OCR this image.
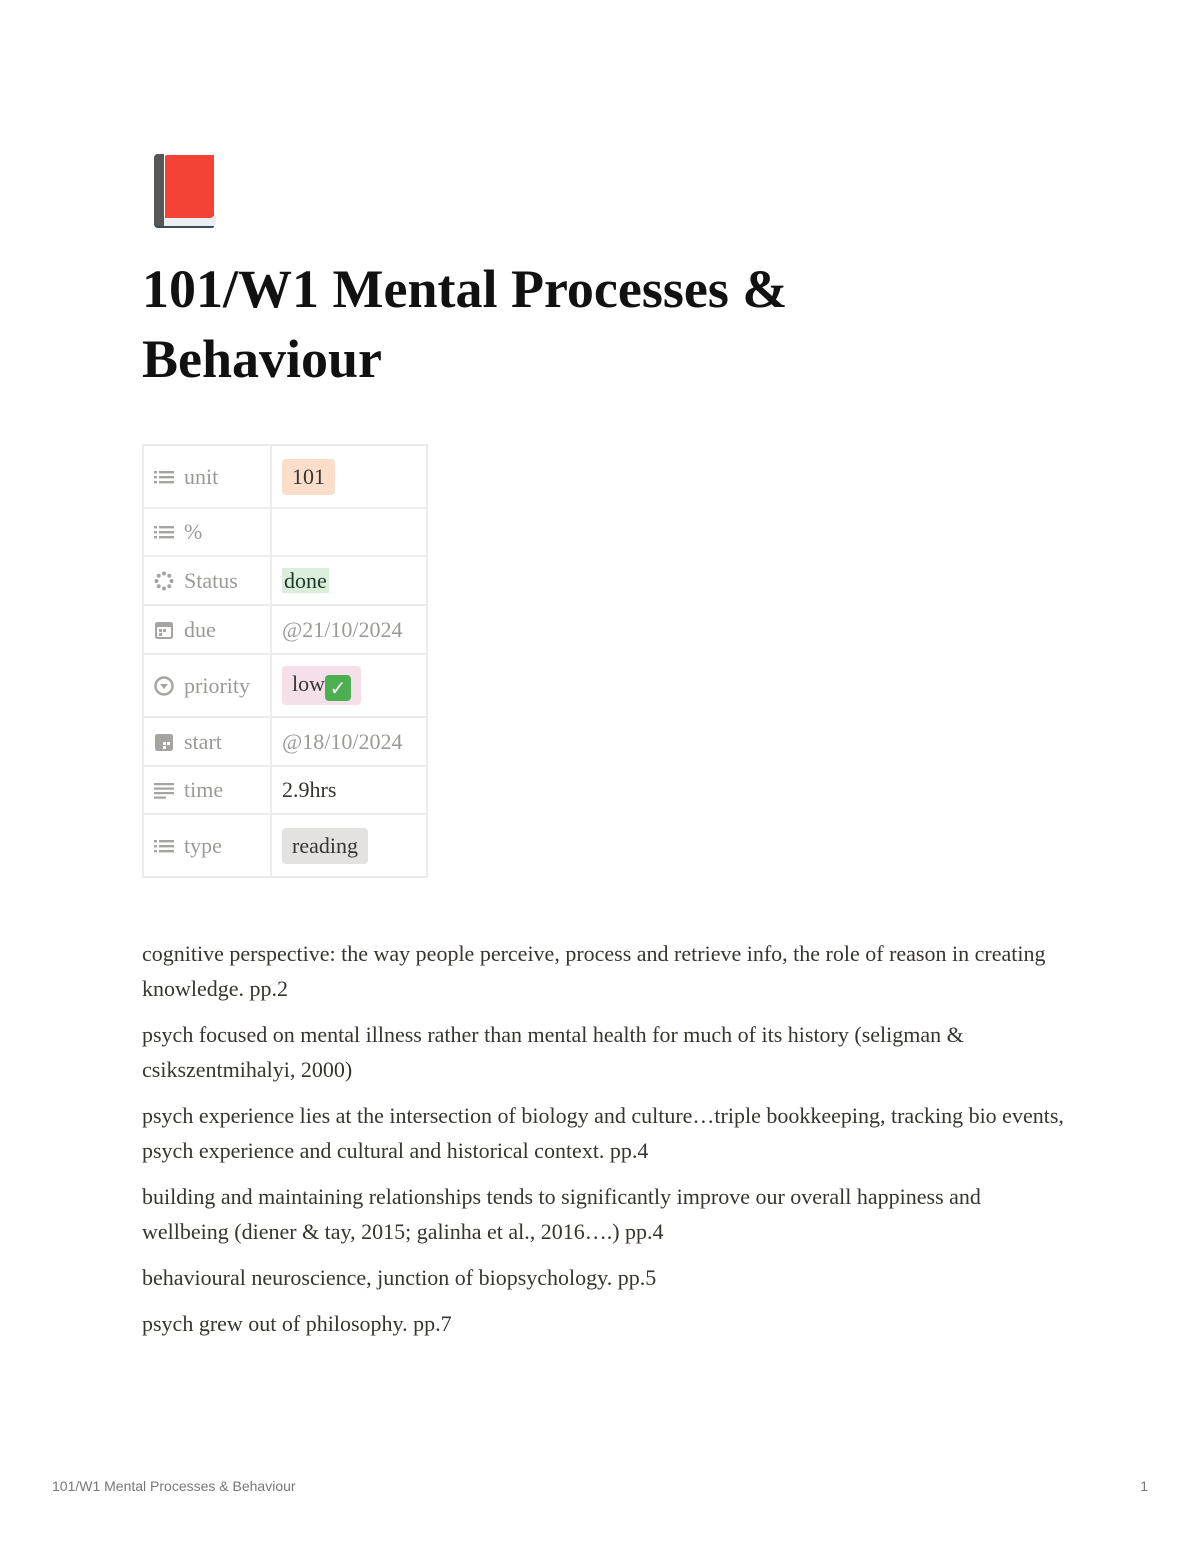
101/W1 Mental Processes & Behaviour
unit	101

%	

Status	done

due	@21/10/2024

priority	low ✓

start	@18/10/2024

time	2.9hrs

type	reading

cognitive perspective: the way people perceive, process and retrieve info, the role of reason in creating knowledge. pp.2

psych focused on mental illness rather than mental health for much of its history (seligman & csikszentmihalyi, 2000)

psych experience lies at the intersection of biology and culture…triple bookkeeping, tracking bio events, psych experience and cultural and historical context. pp.4

building and maintaining relationships tends to significantly improve our overall happiness and wellbeing (diener & tay, 2015; galinha et al., 2016….) pp.4

behavioural neuroscience, junction of biopsychology. pp.5

psych grew out of philosophy. pp.7

101/W1 Mental Processes & Behaviour	1
